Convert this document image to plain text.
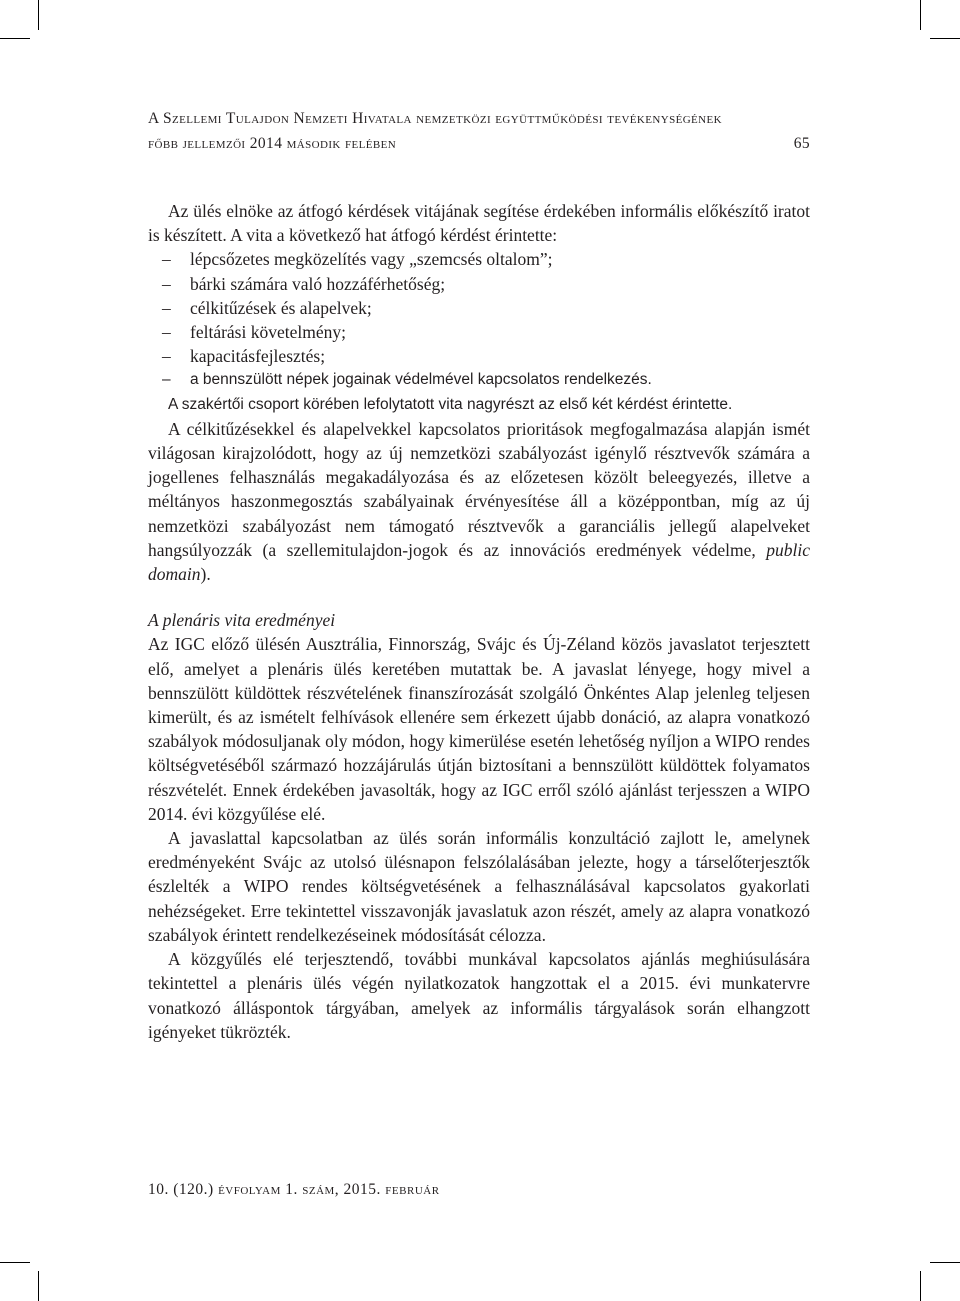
A Szellemi Tulajdon Nemzeti Hivatala nemzetközi együttműködési tevékenységének
főbb jellemzői 2014 második felében	65

Az ülés elnöke az átfogó kérdések vitájának segítése érdekében informális előkészítő iratot is készített. A vita a következő hat átfogó kérdést érintette:

– lépcsőzetes megközelítés vagy „szemcsés oltalom”;
– bárki számára való hozzáférhetőség;
– célkitűzések és alapelvek;
– feltárási követelmény;
– kapacitásfejlesztés;
– a bennszülött népek jogainak védelmével kapcsolatos rendelkezés.

A szakértői csoport körében lefolytatott vita nagyrészt az első két kérdést érintette.

A célkitűzésekkel és alapelvekkel kapcsolatos prioritások megfogalmazása alapján ismét világosan kirajzolódott, hogy az új nemzetközi szabályozást igénylő résztvevők számára a jogellenes felhasználás megakadályozása és az előzetesen közölt beleegyezés, illetve a méltányos haszonmegosztás szabályainak érvényesítése áll a középpontban, míg az új nemzetközi szabályozást nem támogató résztvevők a garanciális jellegű alapelveket hangsúlyozzák (a szellemitulajdon-jogok és az innovációs eredmények védelme, public domain).

A plenáris vita eredményei

Az IGC előző ülésén Ausztrália, Finnország, Svájc és Új-Zéland közös javaslatot terjesztett elő, amelyet a plenáris ülés keretében mutattak be. A javaslat lényege, hogy mivel a bennszülött küldöttek részvételének finanszírozását szolgáló Önkéntes Alap jelenleg teljesen kimerült, és az ismételt felhívások ellenére sem érkezett újabb donáció, az alapra vonatkozó szabályok módosuljanak oly módon, hogy kimerülése esetén lehetőség nyíljon a WIPO rendes költségvetéséből származó hozzájárulás útján biztosítani a bennszülött küldöttek folyamatos részvételét. Ennek érdekében javasolták, hogy az IGC erről szóló ajánlást terjesszen a WIPO 2014. évi közgyűlése elé.

A javaslattal kapcsolatban az ülés során informális konzultáció zajlott le, amelynek eredményeként Svájc az utolsó ülésnapon felszólalásában jelezte, hogy a társelőterjesztők észlelték a WIPO rendes költségvetésének a felhasználásával kapcsolatos gyakorlati nehézségeket. Erre tekintettel visszavonják javaslatuk azon részét, amely az alapra vonatkozó szabályok érintett rendelkezéseinek módosítását célozza.

A közgyűlés elé terjesztendő, további munkával kapcsolatos ajánlás meghiúsulására tekintettel a plenáris ülés végén nyilatkozatok hangzottak el a 2015. évi munkatervre vonatkozó álláspontok tárgyában, amelyek az informális tárgyalások során elhangzott igényeket tükrözték.

10. (120.) évfolyam 1. szám, 2015. február
